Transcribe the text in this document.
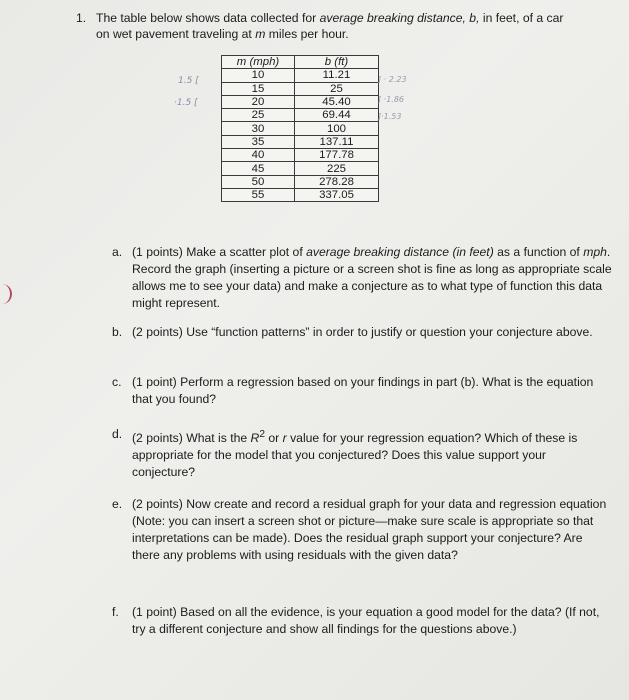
1. The table below shows data collected for average breaking distance, b, in feet, of a car
on wet pavement traveling at m miles per hour.
m (mph)	b (ft)
10	11.21
15	25
20	45.40
25	69.44
30	100
35	137.11
40	177.78
45	225
50	278.28
55	337.05
1.5 [
·1.5 [
] · 2.23
] ·1.86
]·1.53
a. (1 points) Make a scatter plot of average breaking distance (in feet) as a function of mph. Record the graph (inserting a picture or a screen shot is fine as long as appropriate scale allows me to see your data) and make a conjecture as to what type of function this data might represent.
b. (2 points) Use “function patterns” in order to justify or question your conjecture above.
c. (1 point) Perform a regression based on your findings in part (b). What is the equation that you found?
d. (2 points) What is the $R^2$ or r value for your regression equation? Which of these is appropriate for the model that you conjectured? Does this value support your conjecture?
e. (2 points) Now create and record a residual graph for your data and regression equation (Note: you can insert a screen shot or picture—make sure scale is appropriate so that interpretations can be made). Does the residual graph support your conjecture? Are there any problems with using residuals with the given data?
f. (1 point) Based on all the evidence, is your equation a good model for the data? (If not, try a different conjecture and show all findings for the questions above.)
